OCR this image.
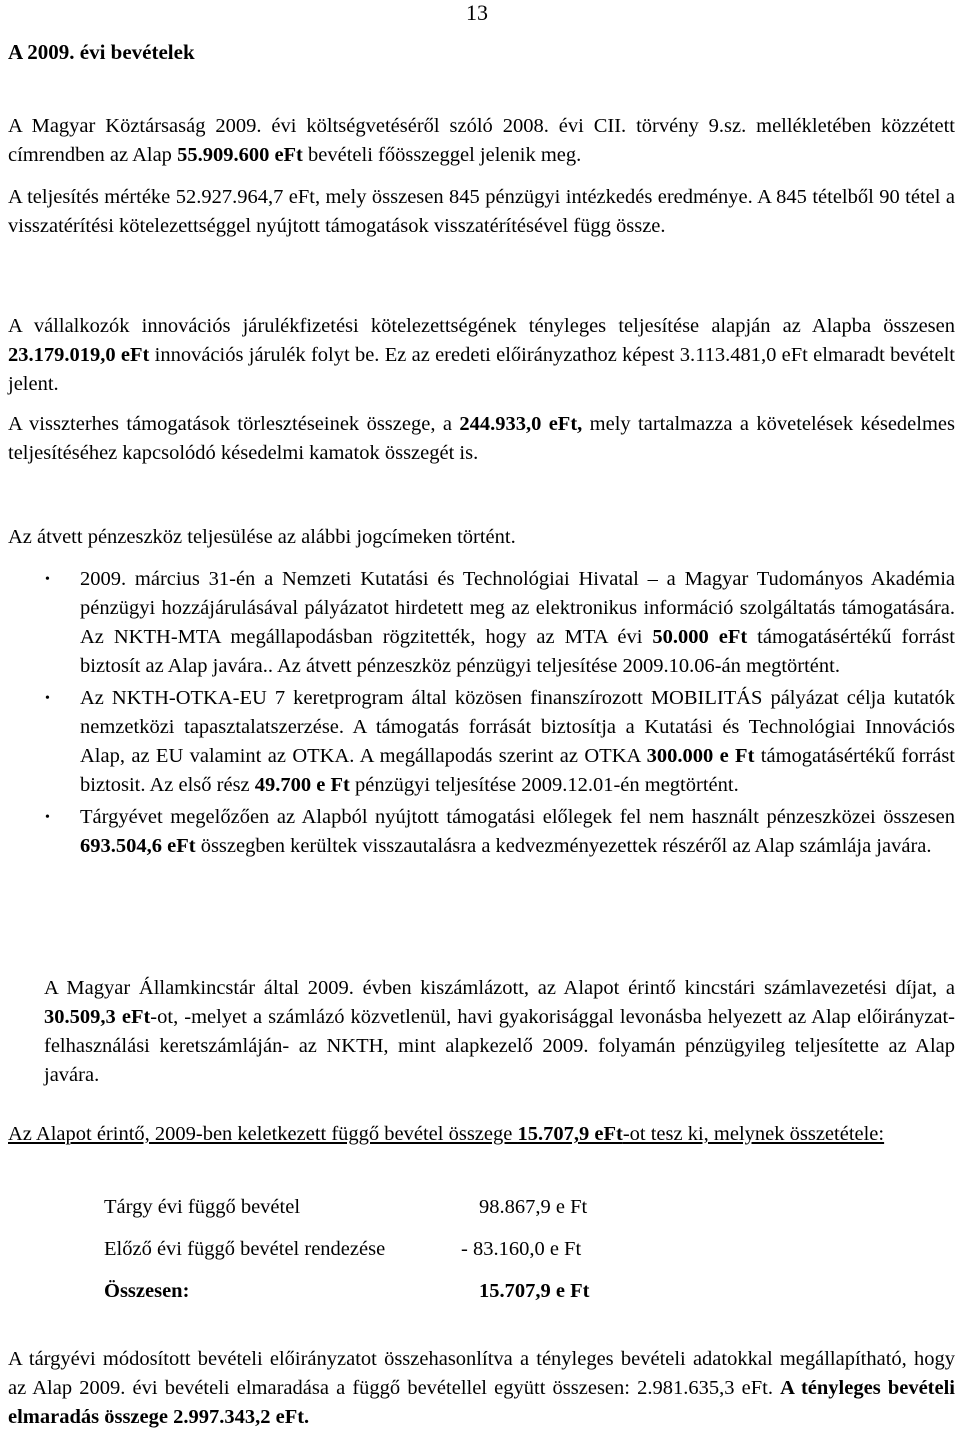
13
A 2009. évi bevételek
A Magyar Köztársaság 2009. évi költségvetéséről szóló 2008. évi CII. törvény 9.sz. mellékletében közzétett címrendben az Alap 55.909.600 eFt bevételi főösszeggel jelenik meg.
A teljesítés mértéke 52.927.964,7 eFt, mely összesen 845 pénzügyi intézkedés eredménye. A 845 tételből 90 tétel a visszatérítési kötelezettséggel nyújtott támogatások visszatérítésével függ össze.
A vállalkozók innovációs járulékfizetési kötelezettségének tényleges teljesítése alapján az Alapba összesen 23.179.019,0 eFt innovációs járulék folyt be. Ez az eredeti előirányzathoz képest 3.113.481,0 eFt elmaradt bevételt jelent.
A visszterhes támogatások törlesztéseinek összege, a 244.933,0 eFt, mely tartalmazza a követelések késedelmes teljesítéséhez kapcsolódó késedelmi kamatok összegét is.
Az átvett pénzeszköz teljesülése az alábbi jogcímeken történt.
• 2009. március 31-én a Nemzeti Kutatási és Technológiai Hivatal – a Magyar Tudományos Akadémia pénzügyi hozzájárulásával pályázatot hirdetett meg az elektronikus információ szolgáltatás támogatására. Az NKTH-MTA megállapodásban rögzitették, hogy az MTA évi 50.000 eFt támogatásértékű forrást biztosít az Alap javára.. Az átvett pénzeszköz pénzügyi teljesítése 2009.10.06-án megtörtént.
• Az NKTH-OTKA-EU 7 keretprogram által közösen finanszírozott MOBILITÁS pályázat célja kutatók nemzetközi tapasztalatszerzése. A támogatás forrását biztosítja a Kutatási és Technológiai Innovációs Alap, az EU valamint az OTKA. A megállapodás szerint az OTKA 300.000 e Ft támogatásértékű forrást biztosit. Az első rész 49.700 e Ft pénzügyi teljesítése 2009.12.01-én megtörtént.
• Tárgyévet megelőzően az Alapból nyújtott támogatási előlegek fel nem használt pénzeszközei összesen 693.504,6 eFt összegben kerültek visszautalásra a kedvezményezettek részéről az Alap számlája javára.
A Magyar Államkincstár által 2009. évben kiszámlázott, az Alapot érintő kincstári számlavezetési díjat, a 30.509,3 eFt-ot, -melyet a számlázó közvetlenül, havi gyakorisággal levonásba helyezett az Alap előirányzat-felhasználási keretszámláján- az NKTH, mint alapkezelő 2009. folyamán pénzügyileg teljesítette az Alap javára.
Az Alapot érintő, 2009-ben keletkezett függő bevétel összege 15.707,9 eFt-ot tesz ki, melynek összetétele:
Tárgy évi függő bevétel	98.867,9 e Ft
Előző évi függő bevétel rendezése	- 83.160,0 e Ft
Összesen:	15.707,9 e Ft
A tárgyévi módosított bevételi előirányzatot összehasonlítva a tényleges bevételi adatokkal megállapítható, hogy az Alap 2009. évi bevételi elmaradása a függő bevétellel együtt összesen: 2.981.635,3 eFt. A tényleges bevételi elmaradás összege 2.997.343,2 eFt.
